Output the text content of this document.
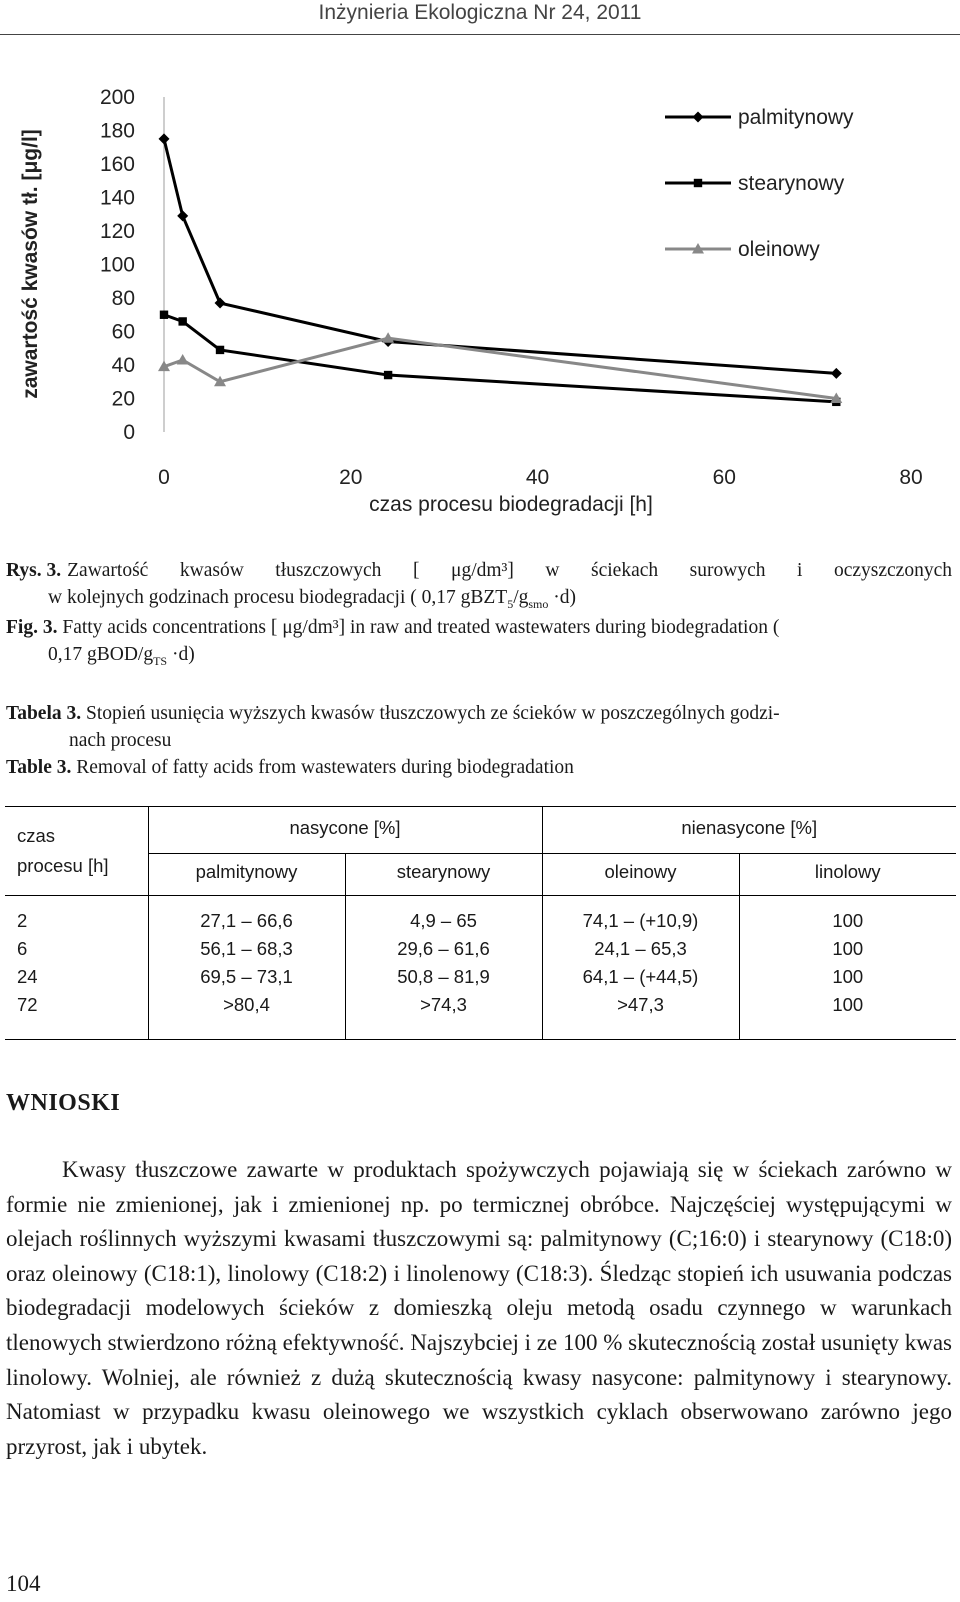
Inżynieria Ekologiczna Nr 24, 2011
0
20
40
60
80
100
120
140
160
180
200
0	20	40	60	80
czas procesu biodegradacji [h]
zawartość kwasów tł. [μg/l]
palmitynowy
stearynowy
oleinowy
Rys. 3. Zawartość kwasów tłuszczowych [ μg/dm³] w ściekach surowych i oczyszczonych
w kolejnych godzinach procesu biodegradacji ( 0,17 $gBZT_5/g_{smo} \cdot d$)
Fig. 3. Fatty acids concentrations [ μg/dm³] in raw and treated wastewaters during biodegradation (
0,17 gBOD/$g_{TS} \cdot d$)
Tabela 3. Stopień usunięcia wyższych kwasów tłuszczowych ze ścieków w poszczególnych godzi-
nach procesu
Table 3. Removal of fatty acids from wastewaters during biodegradation
czas
procesu [h]	nasycone [%]		nienasycone [%]	
	palmitynowy	stearynowy	oleinowy	linolowy
2	27,1 – 66,6	4,9 – 65	74,1 – (+10,9)	100
6	56,1 – 68,3	29,6 – 61,6	24,1 – 65,3	100
24	69,5 – 73,1	50,8 – 81,9	64,1 – (+44,5)	100
72	>80,4	>74,3	>47,3	100
WNIOSKI

Kwasy tłuszczowe zawarte w produktach spożywczych pojawiają się w ściekach zarówno w formie nie zmienionej, jak i zmienionej np. po termicznej obróbce. Najczęściej występującymi w olejach roślinnych wyższymi kwasami tłuszczowymi są: palmitynowy (C;16:0) i stearynowy (C18:0) oraz oleinowy (C18:1), linolowy (C18:2) i linolenowy (C18:3). Śledząc stopień ich usuwania podczas biodegradacji modelowych ścieków z domieszką oleju metodą osadu czynnego w warunkach tlenowych stwierdzono różną efektywność. Najszybciej i ze 100 % skutecznością został usunięty kwas linolowy. Wolniej, ale również z dużą skutecznością kwasy nasycone: palmitynowy i stearynowy. Natomiast w przypadku kwasu oleinowego we wszystkich cyklach obserwowano zarówno jego przyrost, jak i ubytek.

104
